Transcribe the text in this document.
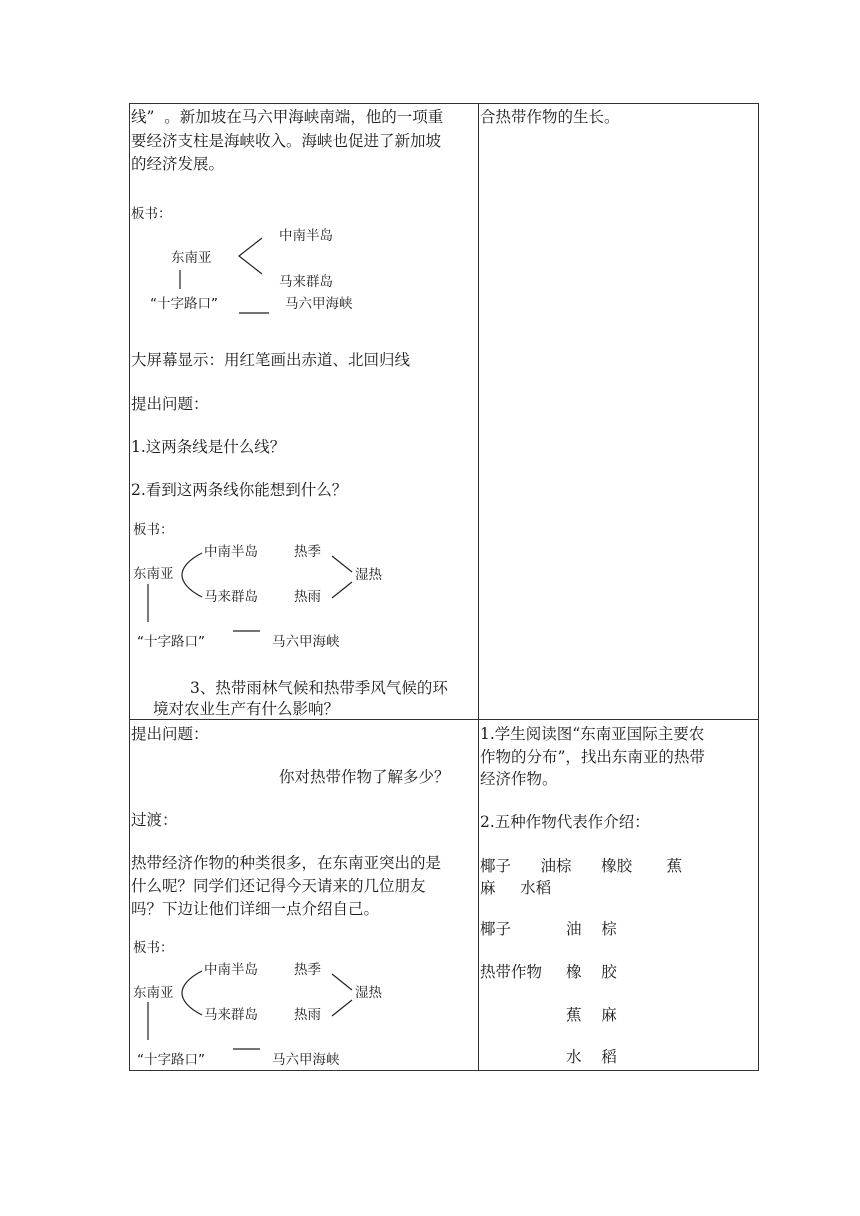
线”  。新加坡在马六甲海峡南端，他的一项重
要经济支柱是海峡收入。海峡也促进了新加坡
的经济发展。
板书：
中南半岛
东南亚
马来群岛
“十字路口”	马六甲海峡
大屏幕显示：用红笔画出赤道、北回归线
提出问题：
1.这两条线是什么线？
2.看到这两条线你能想到什么？
板书：
中南半岛	热季
东南亚	湿热
马来群岛	热雨
“十字路口”	马六甲海峡
3、热带雨林气候和热带季风气候的环
境对农业生产有什么影响？
合热带作物的生长。
提出问题：
你对热带作物了解多少？
过渡：
热带经济作物的种类很多，在东南亚突出的是
什么呢？同学们还记得今天请来的几位朋友
吗？下边让他们详细一点介绍自己。
板书：
中南半岛	热季
东南亚	湿热
马来群岛	热雨
“十字路口”	马六甲海峡
1.学生阅读图“东南亚国际主要农
作物的分布”，找出东南亚的热带
经济作物。
2.五种作物代表作介绍：
椰子      油棕      橡胶       蕉
麻     水稻
椰子	油    棕
热带作物 橡    胶
蕉    麻
水    稻
